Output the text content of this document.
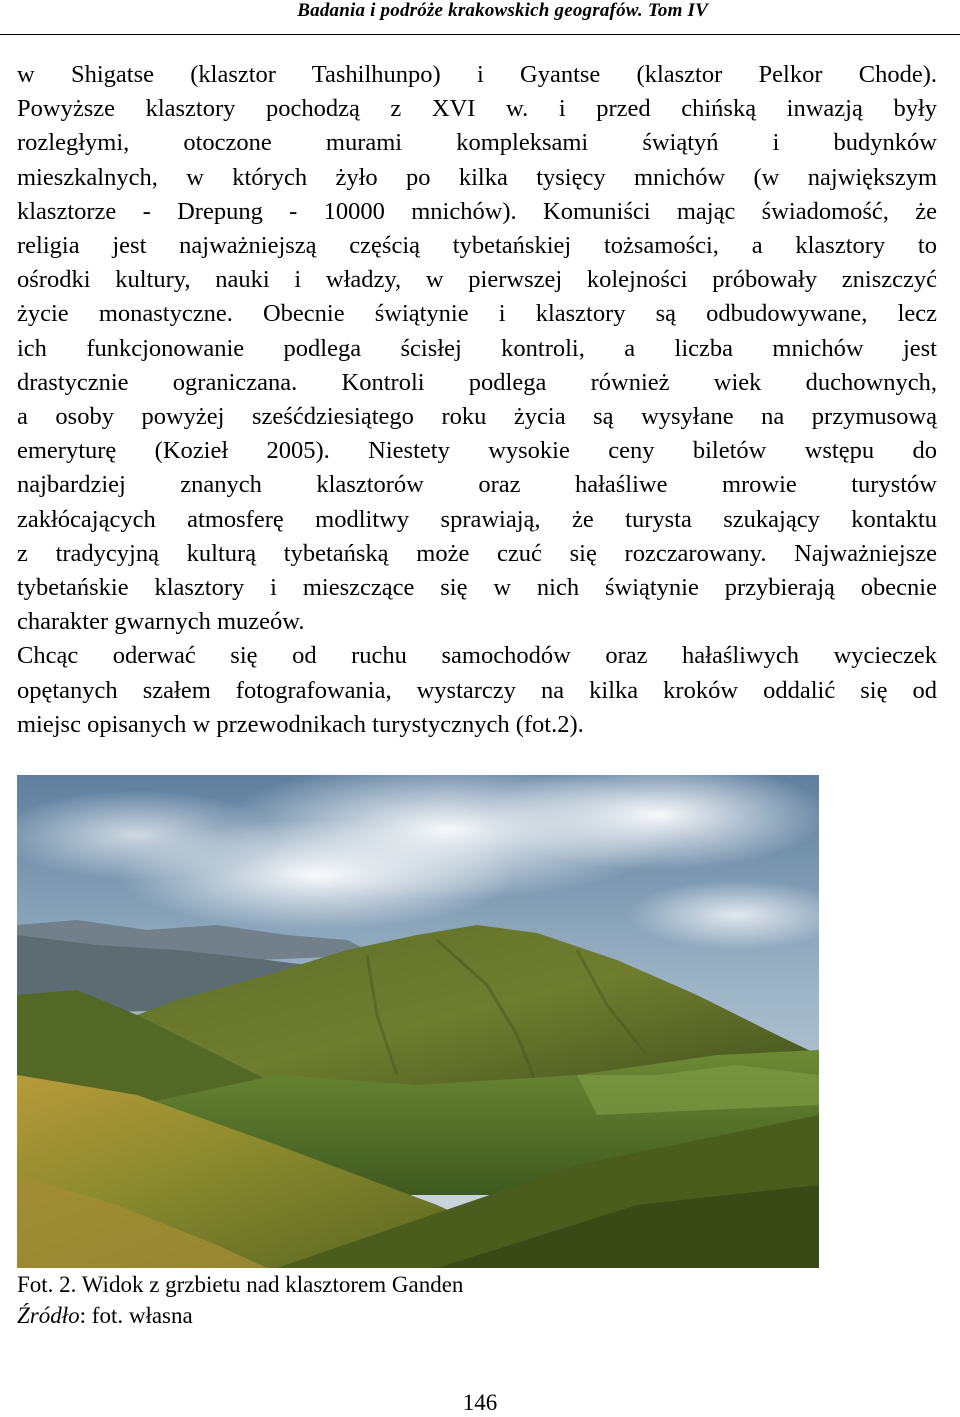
Badania i podróże krakowskich geografów. Tom IV

w Shigatse (klasztor Tashilhunpo) i Gyantse (klasztor Pelkor Chode).
Powyższe klasztory pochodzą z XVI w. i przed chińską inwazją były
rozległymi, otoczone murami kompleksami świątyń i budynków
mieszkalnych, w których żyło po kilka tysięcy mnichów (w największym
klasztorze - Drepung - 10000 mnichów). Komuniści mając świadomość, że
religia jest najważniejszą częścią tybetańskiej tożsamości, a klasztory to
ośrodki kultury, nauki i władzy, w pierwszej kolejności próbowały zniszczyć
życie monastyczne. Obecnie świątynie i klasztory są odbudowywane, lecz
ich funkcjonowanie podlega ścisłej kontroli, a liczba mnichów jest
drastycznie ograniczana. Kontroli podlega również wiek duchownych,
a osoby powyżej sześćdziesiątego roku życia są wysyłane na przymusową
emeryturę (Kozieł 2005). Niestety wysokie ceny biletów wstępu do
najbardziej znanych klasztorów oraz hałaśliwe mrowie turystów
zakłócających atmosferę modlitwy sprawiają, że turysta szukający kontaktu
z tradycyjną kulturą tybetańską może czuć się rozczarowany. Najważniejsze
tybetańskie klasztory i mieszczące się w nich świątynie przybierają obecnie
charakter gwarnych muzeów.

Chcąc oderwać się od ruchu samochodów oraz hałaśliwych wycieczek
opętanych szałem fotografowania, wystarczy na kilka kroków oddalić się od
miejsc opisanych w przewodnikach turystycznych (fot.2).

Fot. 2. Widok z grzbietu nad klasztorem Ganden
Źródło: fot. własna
146
